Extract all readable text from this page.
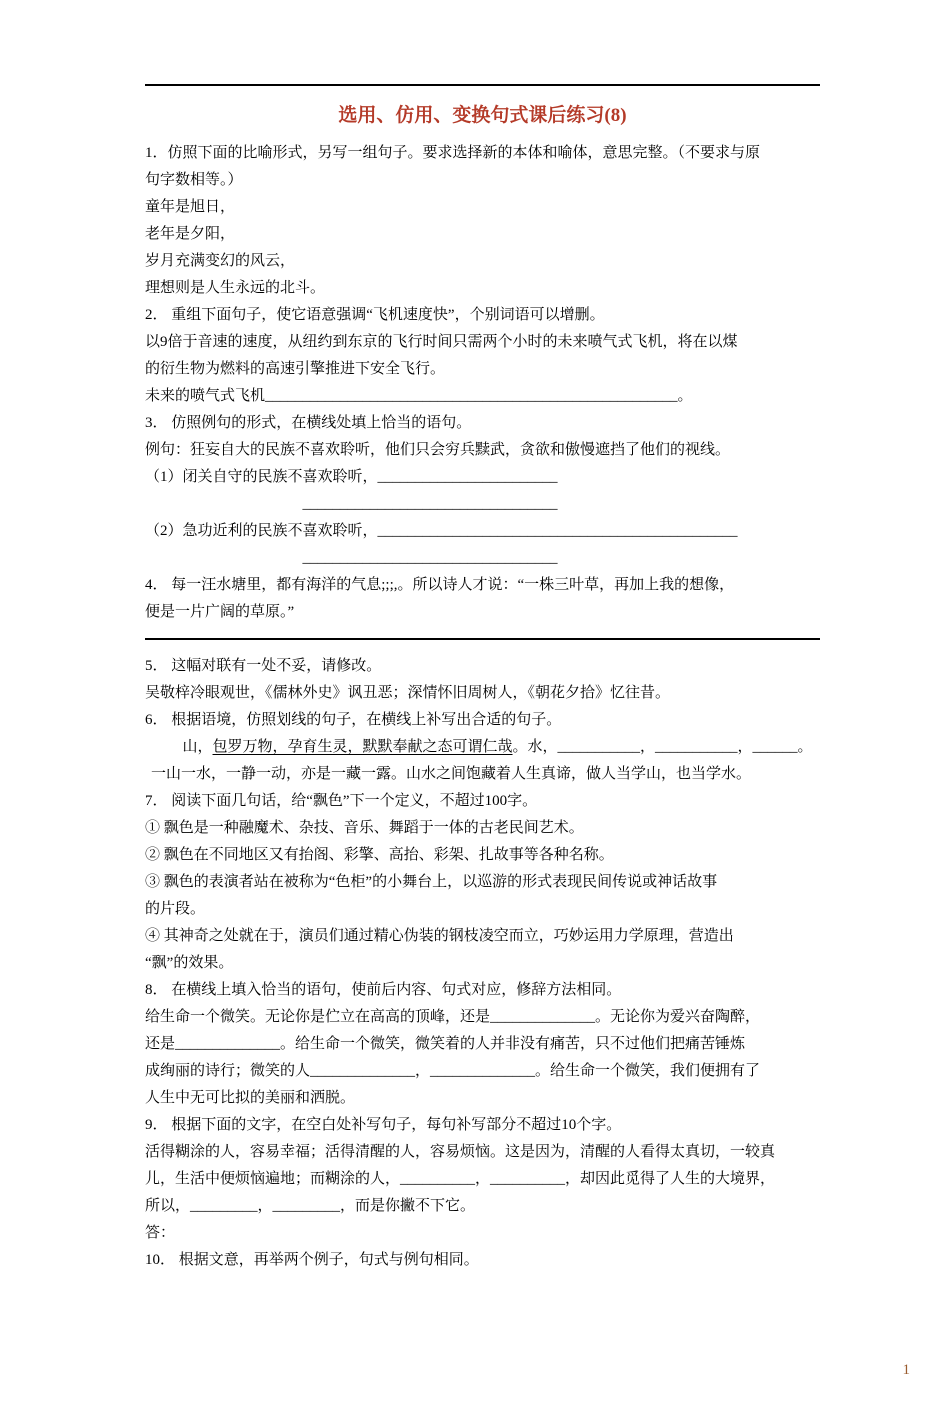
选用、仿用、变换句式课后练习(8)
1．仿照下面的比喻形式，另写一组句子。要求选择新的本体和喻体，意思完整。（不要求与原
句字数相等。）
童年是旭日，
老年是夕阳，
岁月充满变幻的风云，
理想则是人生永远的北斗。
2． 重组下面句子，使它语意强调“飞机速度快”，个别词语可以增删。
以9倍于音速的速度，从纽约到东京的飞行时间只需两个小时的未来喷气式飞机，将在以煤
的衍生物为燃料的高速引擎推进下安全飞行。
未来的喷气式飞机_______________________________________________________。
3． 仿照例句的形式，在横线处填上恰当的语句。
例句：狂妄自大的民族不喜欢聆听，他们只会穷兵黩武，贪欲和傲慢遮挡了他们的视线。
（1）闭关自守的民族不喜欢聆听，________________________
__________________________________
（2）急功近利的民族不喜欢聆听，________________________________________________
__________________________________
4． 每一汪水塘里，都有海洋的气息;;;,。所以诗人才说：“一株三叶草，再加上我的想像，
便是一片广阔的草原。”
5． 这幅对联有一处不妥，请修改。
吴敬梓冷眼观世，《儒林外史》讽丑恶；深情怀旧周树人，《朝花夕拾》忆往昔。
6． 根据语境，仿照划线的句子，在横线上补写出合适的句子。
山，包罗万物，孕育生灵，默默奉献之态可谓仁哉。水，___________，___________，______。
一山一水，一静一动，亦是一藏一露。山水之间饱藏着人生真谛，做人当学山，也当学水。
7． 阅读下面几句话，给“飘色”下一个定义，不超过100字。
① 飘色是一种融魔术、杂技、音乐、舞蹈于一体的古老民间艺术。
② 飘色在不同地区又有抬阁、彩擎、高抬、彩架、扎故事等各种名称。
③ 飘色的表演者站在被称为“色柜”的小舞台上，以巡游的形式表现民间传说或神话故事
的片段。
④ 其神奇之处就在于，演员们通过精心伪装的钢枝凌空而立，巧妙运用力学原理，营造出
“飘”的效果。
8． 在横线上填入恰当的语句，使前后内容、句式对应，修辞方法相同。
给生命一个微笑。无论你是伫立在高高的顶峰，还是______________。无论你为爱兴奋陶醉，
还是______________。给生命一个微笑，微笑着的人并非没有痛苦，只不过他们把痛苦锤炼
成绚丽的诗行；微笑的人______________，______________。给生命一个微笑，我们便拥有了
人生中无可比拟的美丽和洒脱。
9． 根据下面的文字，在空白处补写句子，每句补写部分不超过10个字。
活得糊涂的人，容易幸福；活得清醒的人，容易烦恼。这是因为，清醒的人看得太真切，一较真
儿，生活中便烦恼遍地；而糊涂的人，__________，__________，却因此觅得了人生的大境界，
所以，_________，_________，而是你撇不下它。
答：
10． 根据文意，再举两个例子，句式与例句相同。
1
